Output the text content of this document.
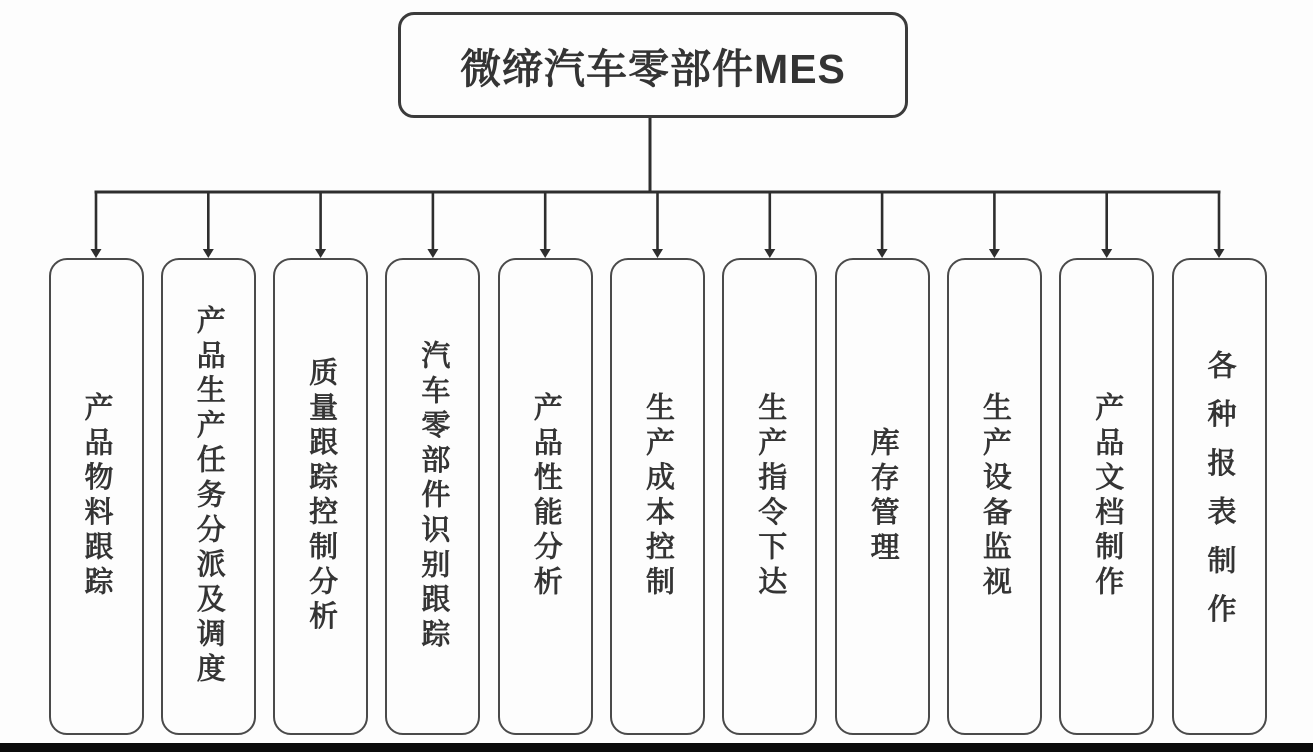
微缔汽车零部件MES
产品物料跟踪	产品生产任务分派及调度	质量跟踪控制分析	汽车零部件识别跟踪	产品性能分析	生产成本控制	生产指令下达	库存管理	生产设备监视	产品文档制作	各种报表制作
